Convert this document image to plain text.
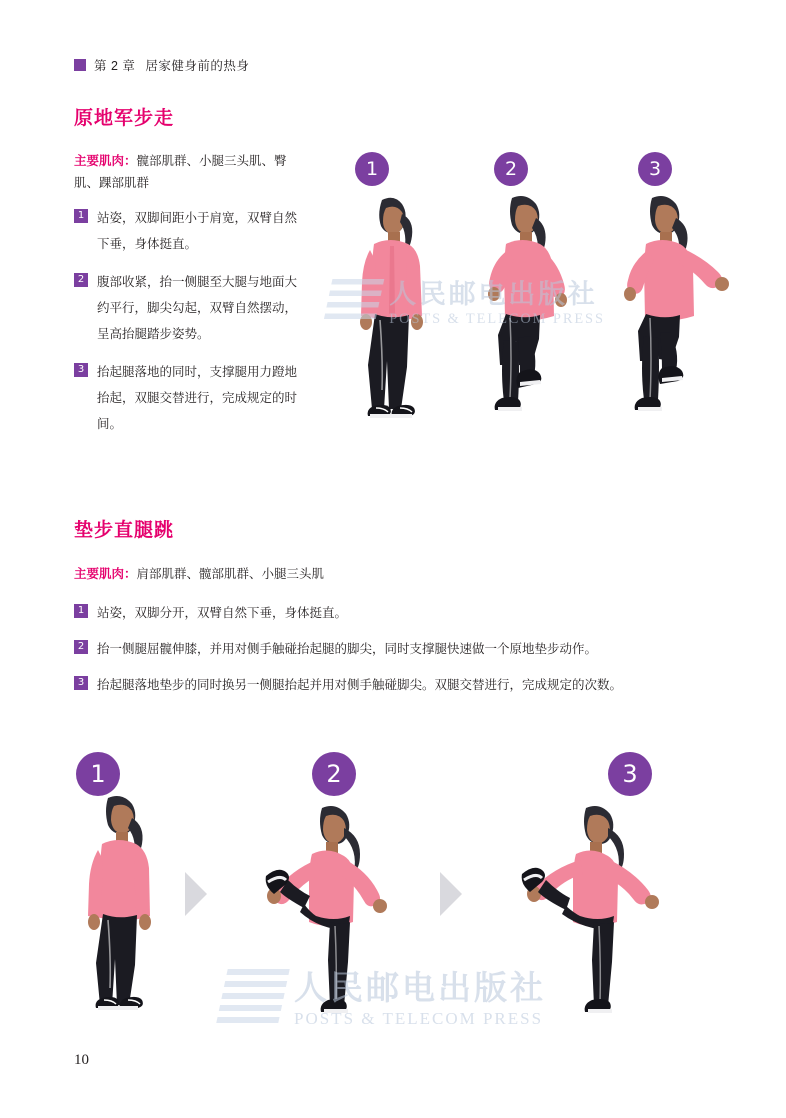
第 2 章 居家健身前的热身
原地军步走
主要肌肉：髋部肌群、小腿三头肌、臀肌、踝部肌群
1	站姿，双脚间距小于肩宽，双臂自然下垂，身体挺直。
2	腹部收紧，抬一侧腿至大腿与地面大约平行，脚尖勾起，双臂自然摆动，呈高抬腿踏步姿势。
3	抬起腿落地的同时，支撑腿用力蹬地抬起，双腿交替进行，完成规定的时间。
1	2	3
人民邮电出版社
POSTS & TELECOM PRESS
垫步直腿跳
主要肌肉：肩部肌群、髋部肌群、小腿三头肌
1	站姿，双脚分开，双臂自然下垂，身体挺直。
2	抬一侧腿屈髋伸膝，并用对侧手触碰抬起腿的脚尖，同时支撑腿快速做一个原地垫步动作。
3	抬起腿落地垫步的同时换另一侧腿抬起并用对侧手触碰脚尖。双腿交替进行，完成规定的次数。
1	2	3
人民邮电出版社
POSTS & TELECOM PRESS
10
